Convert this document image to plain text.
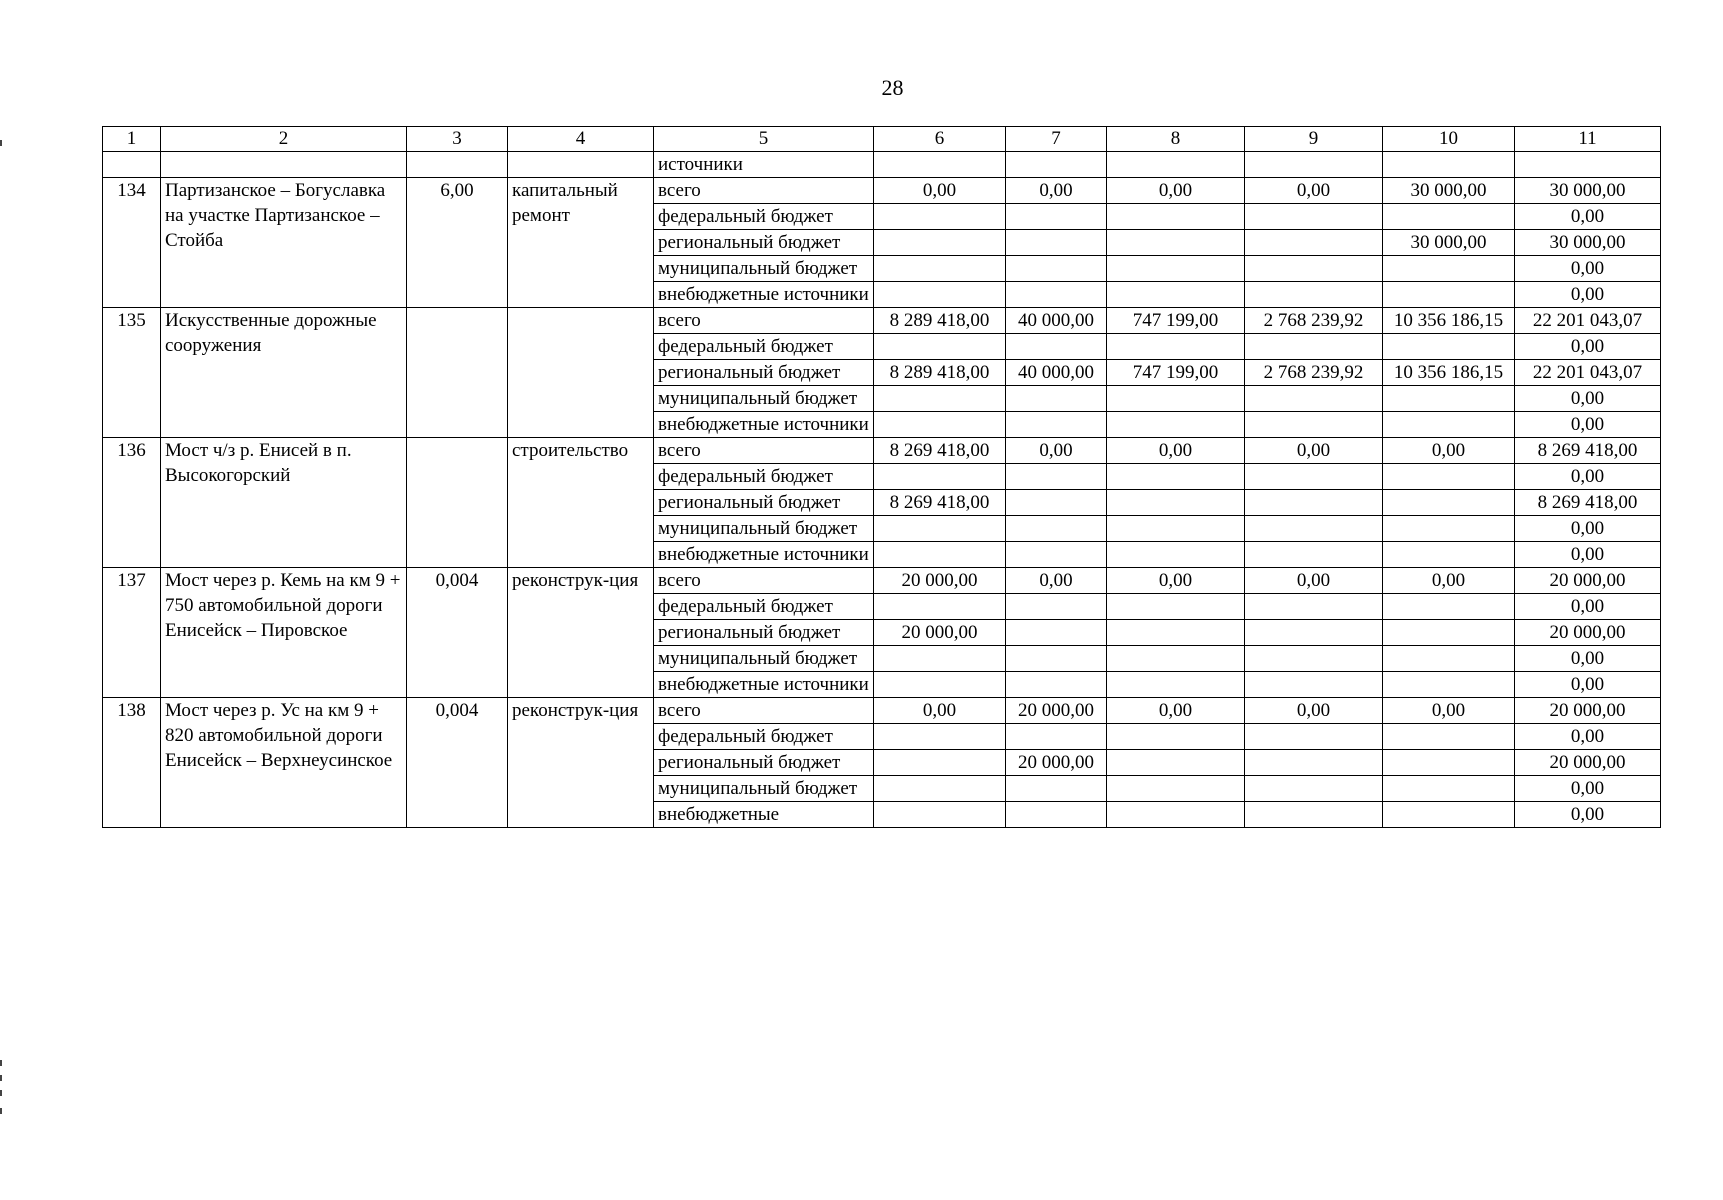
28
1	2	3	4	5	6	7	8	9	10	11
				источники						
134	Партизанское – Богуславка на участке Партизанское – Стойба	6,00	капитальный ремонт	всего	0,00	0,00	0,00	0,00	30 000,00	30 000,00
				федеральный бюджет						0,00
				региональный бюджет					30 000,00	30 000,00
				муниципальный бюджет						0,00
				внебюджетные источники						0,00
135	Искусственные дорожные сооружения			всего	8 289 418,00	40 000,00	747 199,00	2 768 239,92	10 356 186,15	22 201 043,07
				федеральный бюджет						0,00
				региональный бюджет	8 289 418,00	40 000,00	747 199,00	2 768 239,92	10 356 186,15	22 201 043,07
				муниципальный бюджет						0,00
				внебюджетные источники						0,00
136	Мост ч/з р. Енисей в п. Высокогорский		строительство	всего	8 269 418,00	0,00	0,00	0,00	0,00	8 269 418,00
				федеральный бюджет						0,00
				региональный бюджет	8 269 418,00					8 269 418,00
				муниципальный бюджет						0,00
				внебюджетные источники						0,00
137	Мост через р. Кемь на км 9 + 750 автомобильной дороги Енисейск – Пировское	0,004	реконструк-ция	всего	20 000,00	0,00	0,00	0,00	0,00	20 000,00
				федеральный бюджет						0,00
				региональный бюджет	20 000,00					20 000,00
				муниципальный бюджет						0,00
				внебюджетные источники						0,00
138	Мост через р. Ус на км 9 + 820 автомобильной дороги Енисейск – Верхнеусинское	0,004	реконструк-ция	всего	0,00	20 000,00	0,00	0,00	0,00	20 000,00
				федеральный бюджет						0,00
				региональный бюджет		20 000,00				20 000,00
				муниципальный бюджет						0,00
				внебюджетные						0,00
